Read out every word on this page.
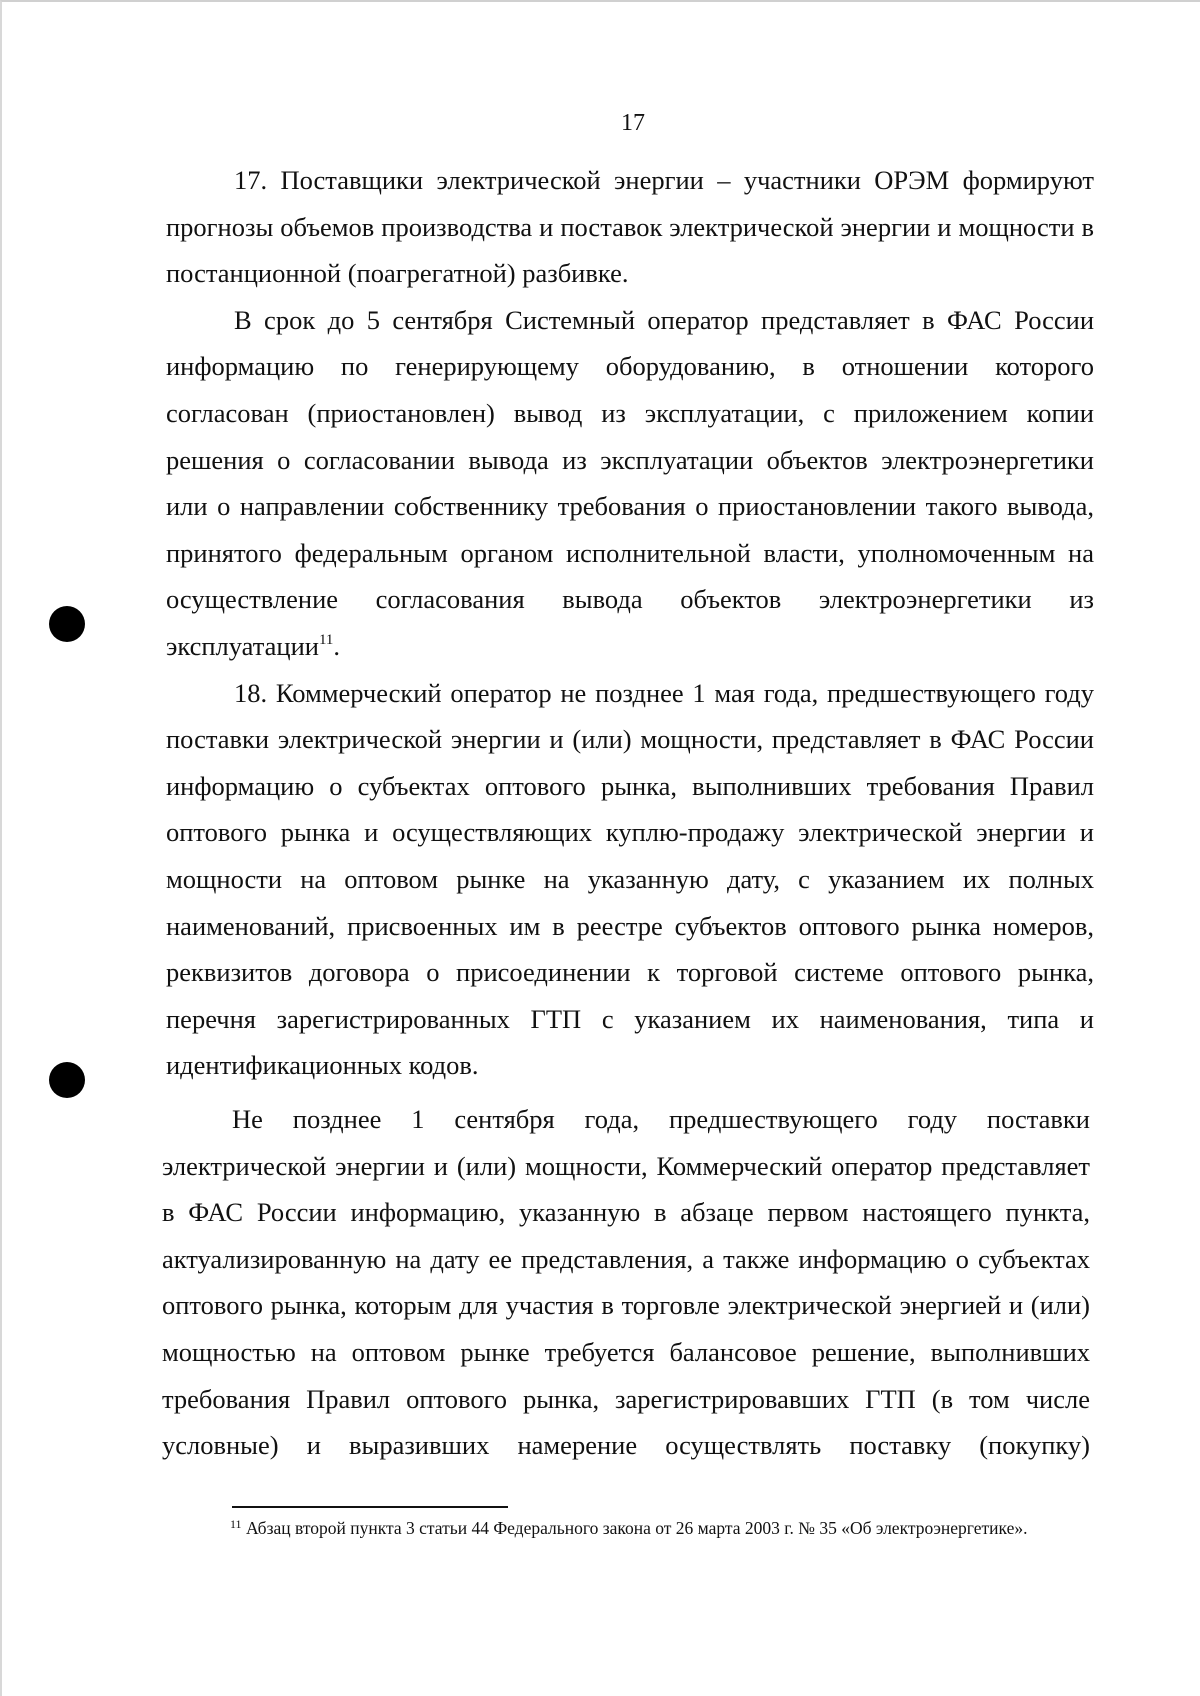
17

17. Поставщики электрической энергии – участники ОРЭМ формируют прогнозы объемов производства и поставок электрической энергии и мощности в постанционной (поагрегатной) разбивке.

В срок до 5 сентября Системный оператор представляет в ФАС России информацию по генерирующему оборудованию, в отношении которого согласован (приостановлен) вывод из эксплуатации, с приложением копии решения о согласовании вывода из эксплуатации объектов электроэнергетики или о направлении собственнику требования о приостановлении такого вывода, принятого федеральным органом исполнительной власти, уполномоченным на осуществление согласования вывода объектов электроэнергетики из эксплуатации$^{11}$.

18. Коммерческий оператор не позднее 1 мая года, предшествующего году поставки электрической энергии и (или) мощности, представляет в ФАС России информацию о субъектах оптового рынка, выполнивших требования Правил оптового рынка и осуществляющих куплю-продажу электрической энергии и мощности на оптовом рынке на указанную дату, с указанием их полных наименований, присвоенных им в реестре субъектов оптового рынка номеров, реквизитов договора о присоединении к торговой системе оптового рынка, перечня зарегистрированных ГТП с указанием их наименования, типа и идентификационных кодов.

Не позднее 1 сентября года, предшествующего году поставки электрической энергии и (или) мощности, Коммерческий оператор представляет в ФАС России информацию, указанную в абзаце первом настоящего пункта, актуализированную на дату ее представления, а также информацию о субъектах оптового рынка, которым для участия в торговле электрической энергией и (или) мощностью на оптовом рынке требуется балансовое решение, выполнивших требования Правил оптового рынка, зарегистрировавших ГТП (в том числе условные) и выразивших намерение осуществлять поставку (покупку)

$^{11}$ Абзац второй пункта 3 статьи 44 Федерального закона от 26 марта 2003 г. № 35 «Об электроэнергетике».
